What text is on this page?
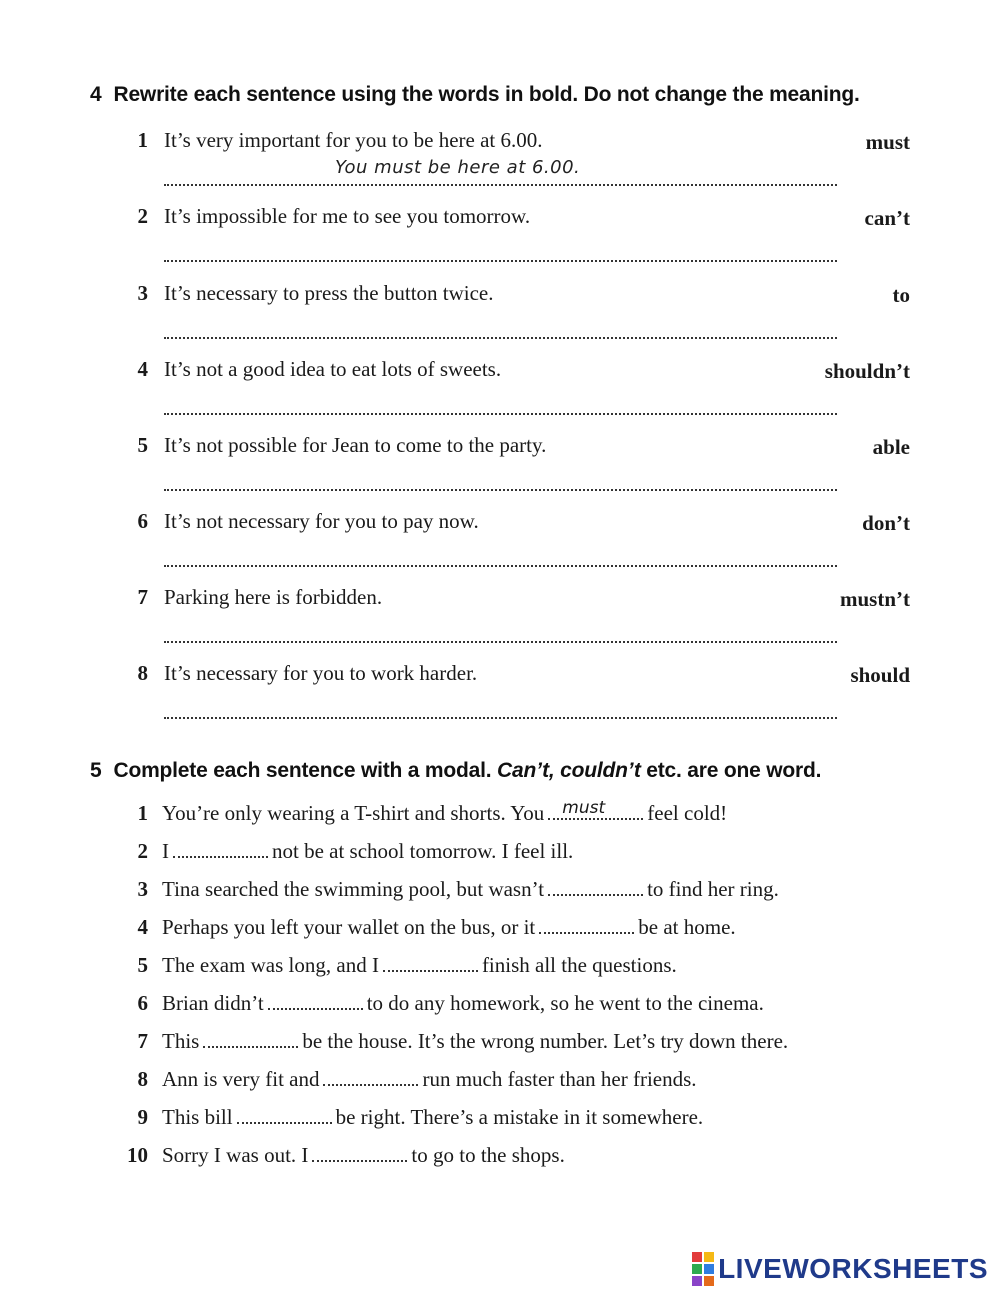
4 Rewrite each sentence using the words in bold. Do not change the meaning.
1 It’s very important for you to be here at 6.00.	must
You must be here at 6.00.
2 It’s impossible for me to see you tomorrow.	can’t
3 It’s necessary to press the button twice.	to
4 It’s not a good idea to eat lots of sweets.	shouldn’t
5 It’s not possible for Jean to come to the party.	able
6 It’s not necessary for you to pay now.	don’t
7 Parking here is forbidden.	mustn’t
8 It’s necessary for you to work harder.	should
5 Complete each sentence with a modal. Can’t, couldn’t etc. are one word.
1 You’re only wearing a T-shirt and shorts. You must feel cold!
2 I	not be at school tomorrow. I feel ill.
3 Tina searched the swimming pool, but wasn’t	to find her ring.
4 Perhaps you left your wallet on the bus, or it	be at home.
5 The exam was long, and I	finish all the questions.
6 Brian didn’t	to do any homework, so he went to the cinema.
7 This	be the house. It’s the wrong number. Let’s try down there.
8 Ann is very fit and	run much faster than her friends.
9 This bill	be right. There’s a mistake in it somewhere.
10 Sorry I was out. I	to go to the shops.
LIVEWORKSHEETS
